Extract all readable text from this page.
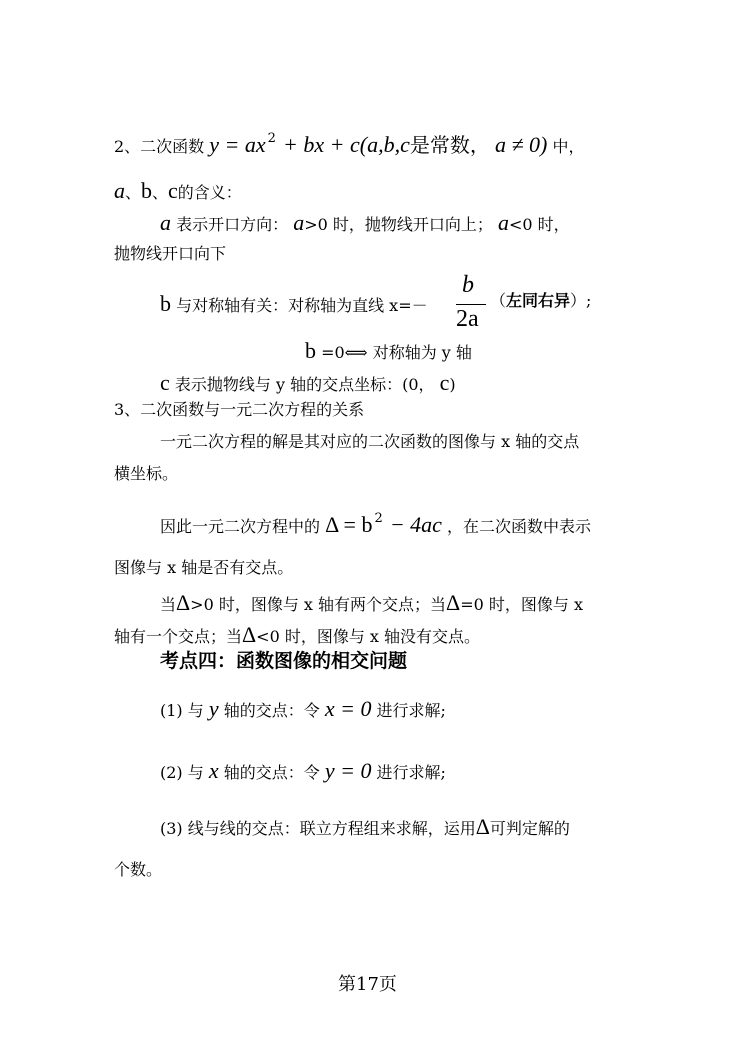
2、二次函数 y = ax $^2$ + bx + c(a,b,c是常数， a ≠ 0) 中，
a、b、c的含义：
a 表示开口方向： a>0 时，抛物线开口向上； a<0 时，
抛物线开口向下
b 与对称轴有关：对称轴为直线 x=－
b
2a
（左同右异）;
b =0⟺ 对称轴为 y 轴
c 表示抛物线与 y 轴的交点坐标：(0， c)
3、二次函数与一元二次方程的关系
一元二次方程的解是其对应的二次函数的图像与 x 轴的交点
横坐标。
因此一元二次方程中的 Δ = b $^2$ − 4ac ，在二次函数中表示
图像与 x 轴是否有交点。
当Δ>0 时，图像与 x 轴有两个交点；当Δ=0 时，图像与 x
轴有一个交点；当Δ<0 时，图像与 x 轴没有交点。
考点四：函数图像的相交问题
(1) 与 y 轴的交点：令 x = 0 进行求解;
(2) 与 x 轴的交点：令 y = 0 进行求解;
(3) 线与线的交点：联立方程组来求解，运用Δ可判定解的
个数。
第17页
